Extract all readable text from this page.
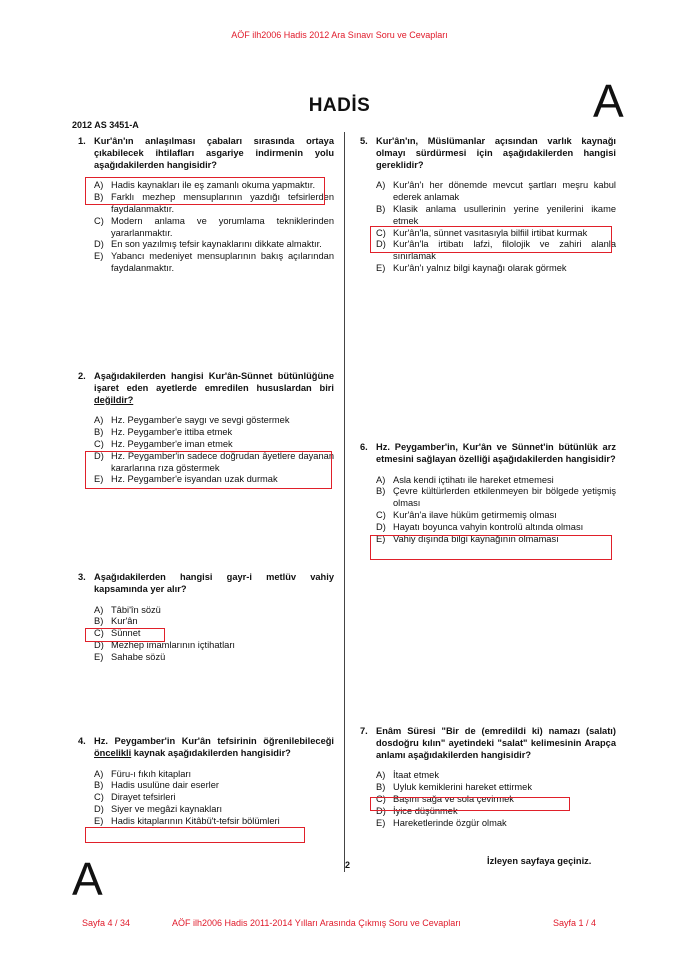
AÖF ilh2006 Hadis 2012 Ara Sınavı Soru ve Cevapları
HADİS	A
2012 AS 3451-A
1. Kur'ân'ın anlaşılması çabaları sırasında ortaya çıkabilecek ihtilafları asgariye indirmenin yolu aşağıdakilerden hangisidir?
A) Hadis kaynakları ile eş zamanlı okuma yapmaktır.
B) Farklı mezhep mensuplarının yazdığı tefsirlerden faydalanmaktır.
C) Modern anlama ve yorumlama tekniklerinden yararlanmaktır.
D) En son yazılmış tefsir kaynaklarını dikkate almaktır.
E) Yabancı medeniyet mensuplarının bakış açılarından faydalanmaktır.
2. Aşağıdakilerden hangisi Kur'ân-Sünnet bütünlüğüne işaret eden ayetlerde emredilen hususlardan biri değildir?
A) Hz. Peygamber'e saygı ve sevgi göstermek
B) Hz. Peygamber'e ittiba etmek
C) Hz. Peygamber'e iman etmek
D) Hz. Peygamber'in sadece doğrudan âyetlere dayanan kararlarına rıza göstermek
E) Hz. Peygamber'e isyandan uzak durmak
3. Aşağıdakilerden hangisi gayr-i metlüv vahiy kapsamında yer alır?
A) Tâbi'în sözü
B) Kur'ân
C) Sünnet
D) Mezhep imamlarının içtihatları
E) Sahabe sözü
4. Hz. Peygamber'in Kur'ân tefsirinin öğrenilebileceği öncelikli kaynak aşağıdakilerden hangisidir?
A) Füru-ı fıkıh kitapları
B) Hadis usulüne dair eserler
C) Dirayet tefsirleri
D) Siyer ve megâzi kaynakları
E) Hadis kitaplarının Kitâbü't-tefsir bölümleri
5. Kur'ân'ın, Müslümanlar açısından varlık kaynağı olmayı sürdürmesi için aşağıdakilerden hangisi gereklidir?
A) Kur'ân'ı her dönemde mevcut şartları meşru kabul ederek anlamak
B) Klasik anlama usullerinin yerine yenilerini ikame etmek
C) Kur'ân'la, sünnet vasıtasıyla bilfiil irtibat kurmak
D) Kur'ân'la irtibatı lafzi, filolojik ve zahiri alanla sınırlamak
E) Kur'ân'ı yalnız bilgi kaynağı olarak görmek
6. Hz. Peygamber'in, Kur'ân ve Sünnet'in bütünlük arz etmesini sağlayan özelliği aşağıdakilerden hangisidir?
A) Asla kendi içtihatı ile hareket etmemesi
B) Çevre kültürlerden etkilenmeyen bir bölgede yetişmiş olması
C) Kur'ân'a ilave hüküm getirmemiş olması
D) Hayatı boyunca vahyin kontrolü altında olması
E) Vahiy dışında bilgi kaynağının olmaması
7. Enâm Süresi "Bir de (emredildi ki) namazı (salatı) dosdoğru kılın" ayetindeki "salat" kelimesinin Arapça anlamı aşağıdakilerden hangisidir?
A) İtaat etmek
B) Uyluk kemiklerini hareket ettirmek
C) Başını sağa ve sola çevirmek
D) İyice düşünmek
E) Hareketlerinde özgür olmak
A	2	İzleyen sayfaya geçiniz.
Sayfa 4 / 34	AÖF ilh2006 Hadis 2011-2014 Yılları Arasında Çıkmış Soru ve Cevapları	Sayfa 1 / 4
